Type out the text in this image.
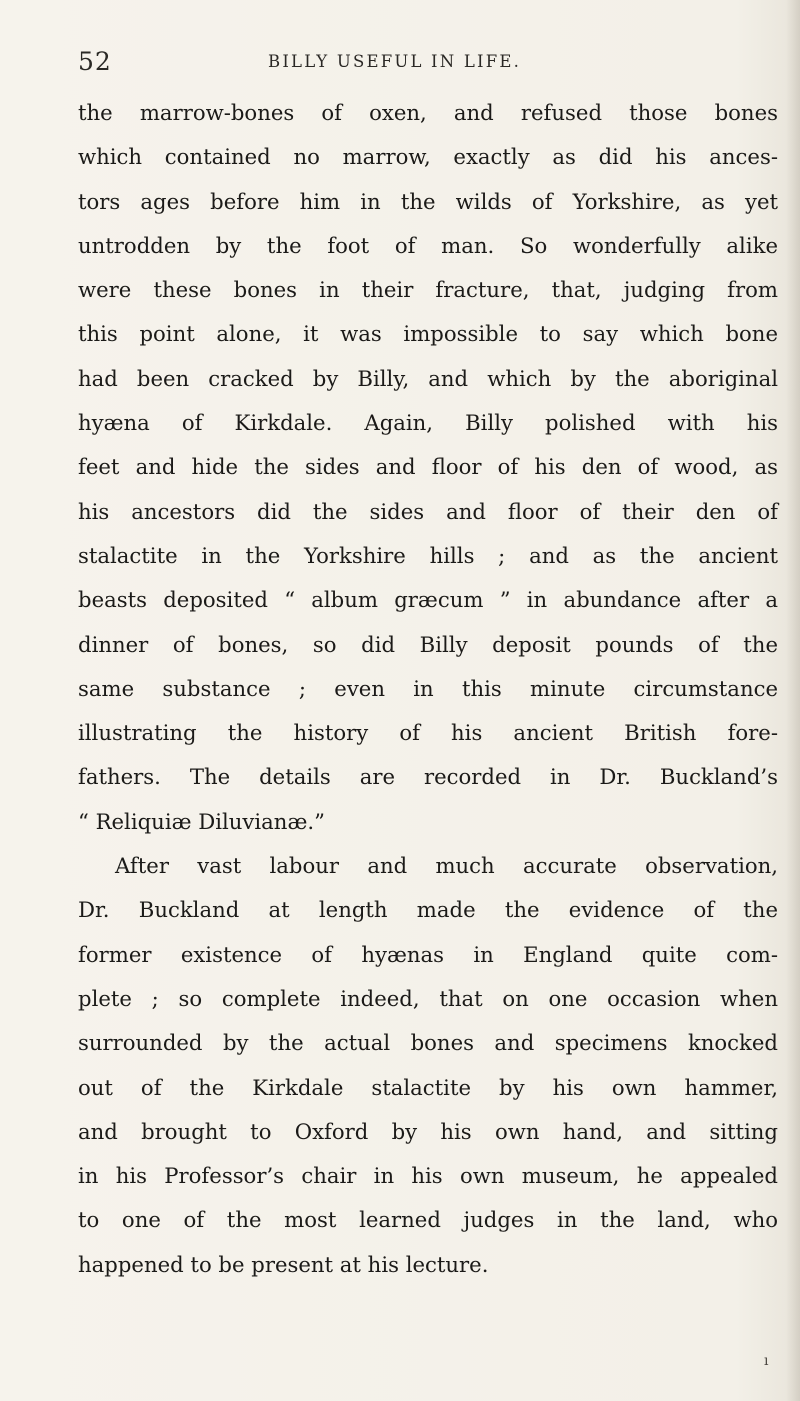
52	BILLY USEFUL IN LIFE.
the marrow-bones of oxen, and refused those bones
which contained no marrow, exactly as did his ances-
tors ages before him in the wilds of Yorkshire, as yet
untrodden by the foot of man. So wonderfully alike
were these bones in their fracture, that, judging from
this point alone, it was impossible to say which bone
had been cracked by Billy, and which by the aboriginal
hyæna of Kirkdale. Again, Billy polished with his
feet and hide the sides and floor of his den of wood, as
his ancestors did the sides and floor of their den of
stalactite in the Yorkshire hills ; and as the ancient
beasts deposited “ album græcum ” in abundance after a
dinner of bones, so did Billy deposit pounds of the
same substance ; even in this minute circumstance
illustrating the history of his ancient British fore-
fathers. The details are recorded in Dr. Buckland’s
“ Reliquiæ Diluvianæ.”
After vast labour and much accurate observation,
Dr. Buckland at length made the evidence of the
former existence of hyænas in England quite com-
plete ; so complete indeed, that on one occasion when
surrounded by the actual bones and specimens knocked
out of the Kirkdale stalactite by his own hammer,
and brought to Oxford by his own hand, and sitting
in his Professor’s chair in his own museum, he appealed
to one of the most learned judges in the land, who
happened to be present at his lecture.
ı
